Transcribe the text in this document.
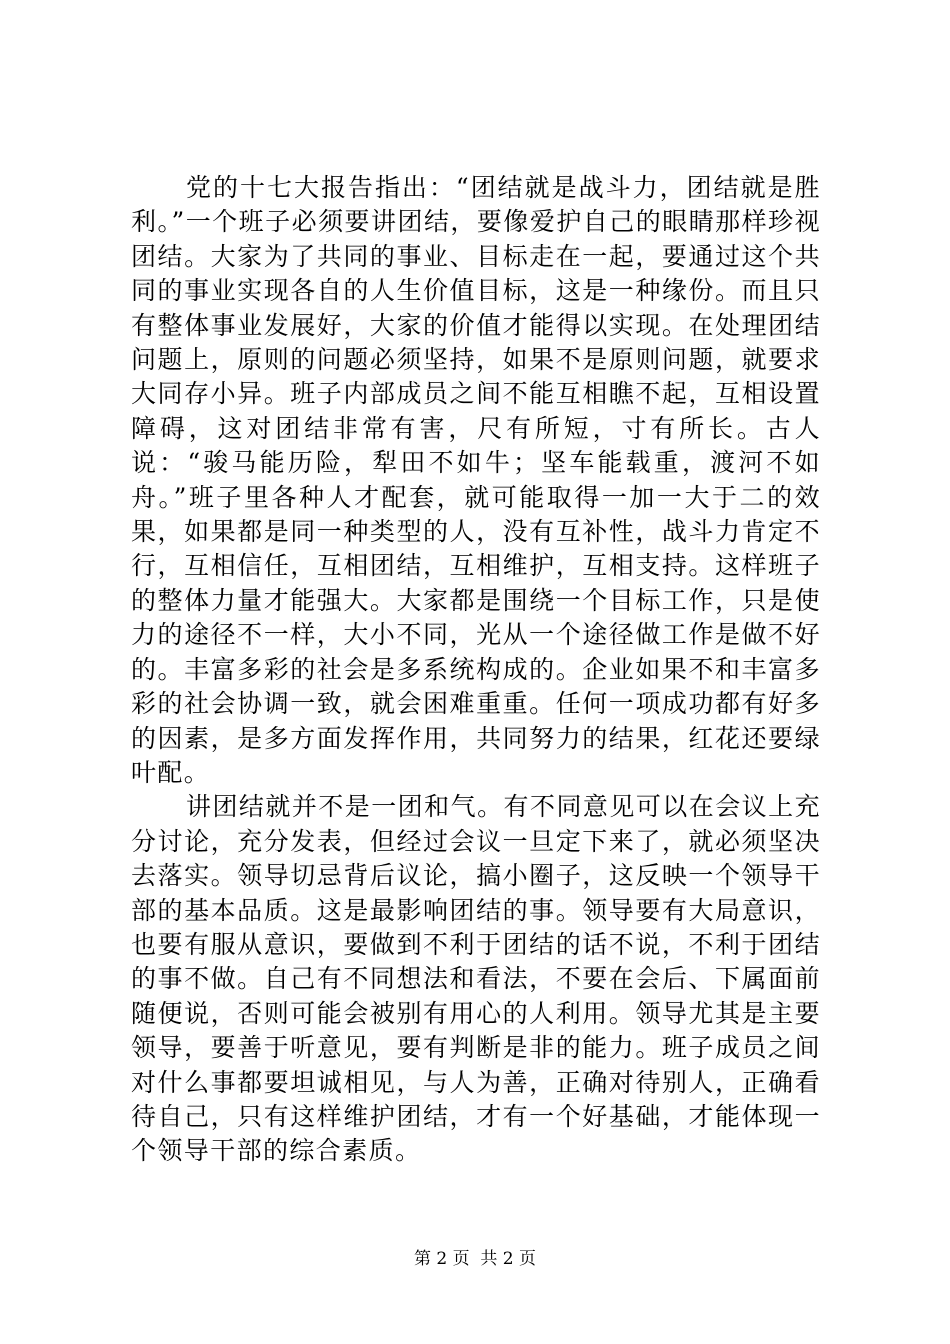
党的十七大报告指出：“团结就是战斗力，团结就是胜利。”一个班子必须要讲团结，要像爱护自己的眼睛那样珍视团结。大家为了共同的事业、目标走在一起，要通过这个共同的事业实现各自的人生价值目标，这是一种缘份。而且只有整体事业发展好，大家的价值才能得以实现。在处理团结问题上，原则的问题必须坚持，如果不是原则问题，就要求大同存小异。班子内部成员之间不能互相瞧不起，互相设置障碍，这对团结非常有害，尺有所短，寸有所长。古人说：“骏马能历险，犁田不如牛；坚车能载重，渡河不如舟。”班子里各种人才配套，就可能取得一加一大于二的效果，如果都是同一种类型的人，没有互补性，战斗力肯定不行，互相信任，互相团结，互相维护，互相支持。这样班子的整体力量才能强大。大家都是围绕一个目标工作，只是使力的途径不一样，大小不同，光从一个途径做工作是做不好的。丰富多彩的社会是多系统构成的。企业如果不和丰富多彩的社会协调一致，就会困难重重。任何一项成功都有好多的因素，是多方面发挥作用，共同努力的结果，红花还要绿叶配。

讲团结就并不是一团和气。有不同意见可以在会议上充分讨论，充分发表，但经过会议一旦定下来了，就必须坚决去落实。领导切忌背后议论，搞小圈子，这反映一个领导干部的基本品质。这是最影响团结的事。领导要有大局意识，也要有服从意识，要做到不利于团结的话不说，不利于团结的事不做。自己有不同想法和看法，不要在会后、下属面前随便说，否则可能会被别有用心的人利用。领导尤其是主要领导，要善于听意见，要有判断是非的能力。班子成员之间对什么事都要坦诚相见，与人为善，正确对待别人，正确看待自己，只有这样维护团结，才有一个好基础，才能体现一个领导干部的综合素质。

第 2 页  共 2 页
